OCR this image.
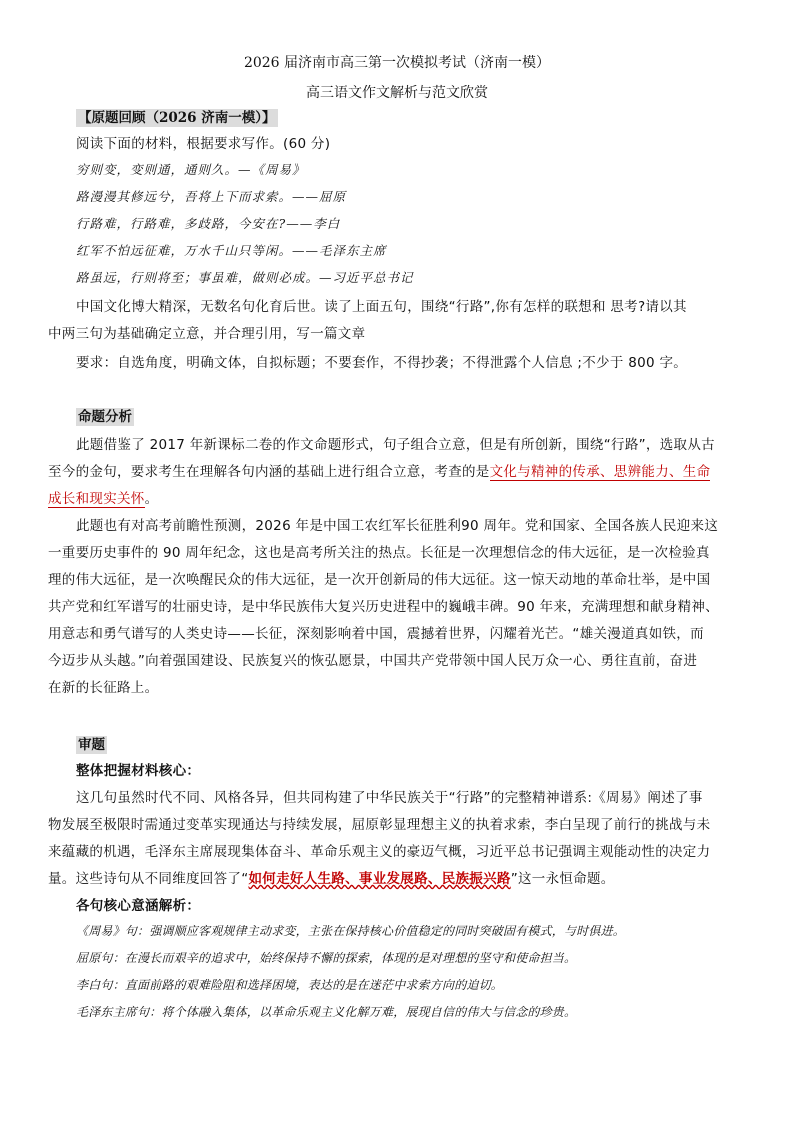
2026 届济南市高三第一次模拟考试（济南一模）
高三语文作文解析与范文欣赏
【原题回顾（2026 济南一模）】
阅读下面的材料，根据要求写作。(60 分)
穷则变，变则通，通则久。—《周易》
路漫漫其修远兮，吾将上下而求索。——屈原
行路难，行路难，多歧路，今安在?——李白
红军不怕远征难，万水千山只等闲。——毛泽东主席
路虽远，行则将至；事虽难，做则必成。—习近平总书记
中国文化博大精深，无数名句化育后世。读了上面五句，围绕“行路”,你有怎样的联想和 思考?请以其
中两三句为基础确定立意，并合理引用，写一篇文章
要求：自选角度，明确文体，自拟标题；不要套作，不得抄袭；不得泄露个人信息 ;不少于 800 字。
命题分析
此题借鉴了 2017 年新课标二卷的作文命题形式，句子组合立意，但是有所创新，围绕“行路”，选取从古
至今的金句，要求考生在理解各句内涵的基础上进行组合立意，考查的是文化与精神的传承、思辨能力、生命
成长和现实关怀。
此题也有对高考前瞻性预测，2026 年是中国工农红军长征胜利90 周年。党和国家、全国各族人民迎来这
一重要历史事件的 90 周年纪念，这也是高考所关注的热点。长征是一次理想信念的伟大远征，是一次检验真
理的伟大远征，是一次唤醒民众的伟大远征，是一次开创新局的伟大远征。这一惊天动地的革命壮举，是中国
共产党和红军谱写的壮丽史诗，是中华民族伟大复兴历史进程中的巍峨丰碑。90 年来，充满理想和献身精神、
用意志和勇气谱写的人类史诗——长征，深刻影响着中国，震撼着世界，闪耀着光芒。“雄关漫道真如铁，而
今迈步从头越。”向着强国建设、民族复兴的恢弘愿景，中国共产党带领中国人民万众一心、勇往直前，奋进
在新的长征路上。
审题
整体把握材料核心：
这几句虽然时代不同、风格各异，但共同构建了中华民族关于“行路”的完整精神谱系:《周易》阐述了事
物发展至极限时需通过变革实现通达与持续发展，屈原彰显理想主义的执着求索，李白呈现了前行的挑战与未
来蕴藏的机遇，毛泽东主席展现集体奋斗、革命乐观主义的豪迈气概，习近平总书记强调主观能动性的决定力
量。这些诗句从不同维度回答了“如何走好人生路、事业发展路、民族振兴路”这一永恒命题。
各句核心意涵解析：
《周易》句：强调顺应客观规律主动求变，主张在保持核心价值稳定的同时突破固有模式，与时俱进。
屈原句：在漫长而艰辛的追求中，始终保持不懈的探索，体现的是对理想的坚守和使命担当。
李白句：直面前路的艰难险阻和选择困境，表达的是在迷茫中求索方向的迫切。
毛泽东主席句：将个体融入集体，以革命乐观主义化解万难，展现自信的伟大与信念的珍贵。
